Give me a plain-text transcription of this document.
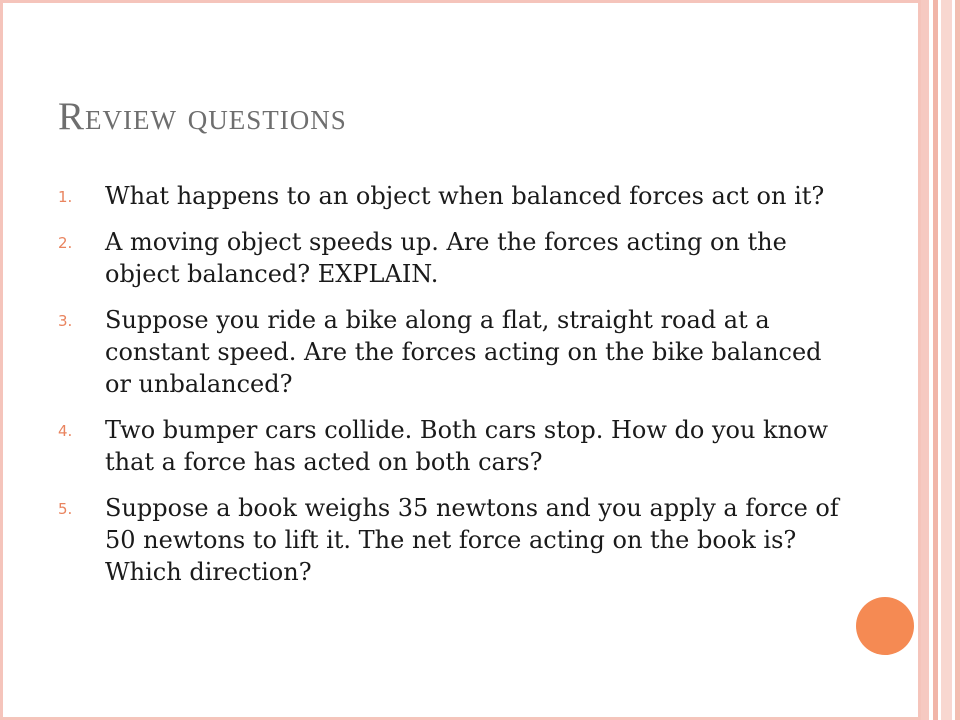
Review questions
1. What happens to an object when balanced forces act on it?
2. A moving object speeds up. Are the forces acting on the object balanced? EXPLAIN.
3. Suppose you ride a bike along a flat, straight road at a constant speed. Are the forces acting on the bike balanced or unbalanced?
4. Two bumper cars collide. Both cars stop. How do you know that a force has acted on both cars?
5. Suppose a book weighs 35 newtons and you apply a force of 50 newtons to lift it. The net force acting on the book is? Which direction?
